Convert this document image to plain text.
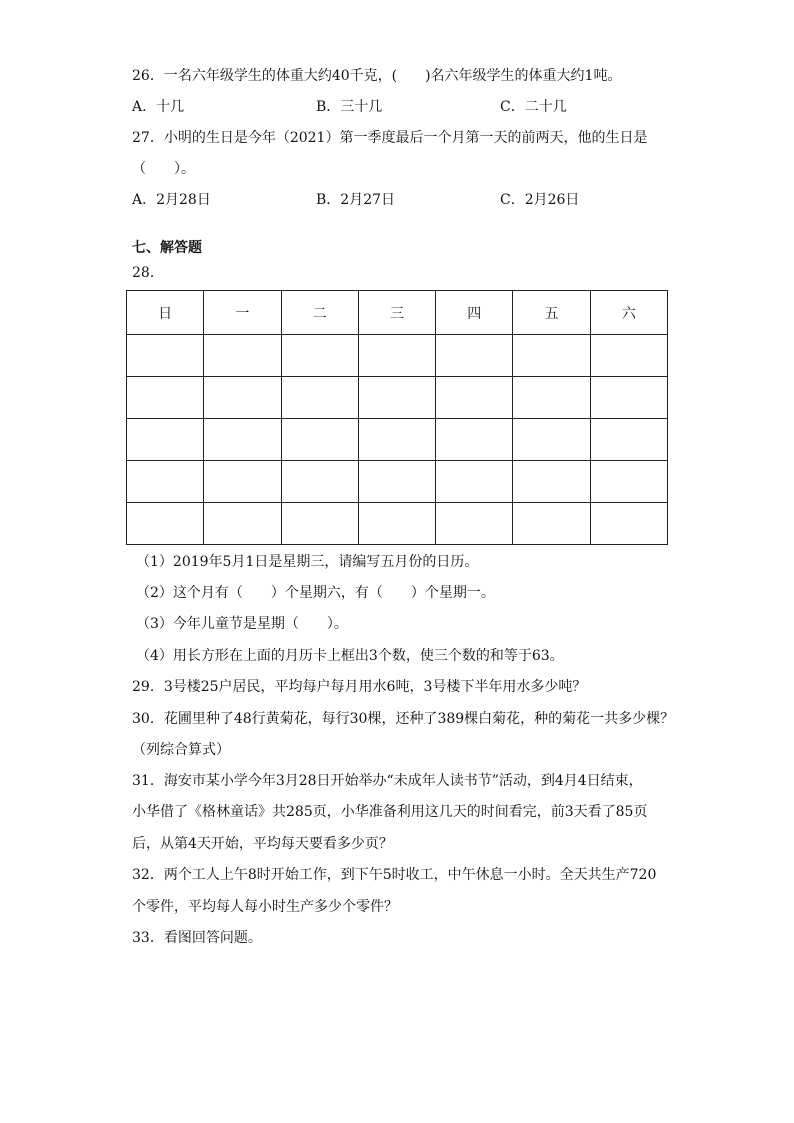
26．一名六年级学生的体重大约40千克，(　　)名六年级学生的体重大约1吨。
A．十几	B．三十几	C．二十几
27．小明的生日是今年（2021）第一季度最后一个月第一天的前两天，他的生日是
（　　）。
A．2月28日	B．2月27日	C．2月26日
七、解答题
28．
日	一	二	三	四	五	六

（1）2019年5月1日是星期三，请编写五月份的日历。
（2）这个月有（　　）个星期六，有（　　）个星期一。
（3）今年儿童节是星期（　　）。
（4）用长方形在上面的月历卡上框出3个数，使三个数的和等于63。
29．3号楼25户居民，平均每户每月用水6吨，3号楼下半年用水多少吨？
30．花圃里种了48行黄菊花，每行30棵，还种了389棵白菊花，种的菊花一共多少棵？
（列综合算式）
31．海安市某小学今年3月28日开始举办“未成年人读书节”活动，到4月4日结束，
小华借了《格林童话》共285页，小华准备利用这几天的时间看完，前3天看了85页
后，从第4天开始，平均每天要看多少页？
32．两个工人上午8时开始工作，到下午5时收工，中午休息一小时。全天共生产720
个零件，平均每人每小时生产多少个零件？
33．看图回答问题。
